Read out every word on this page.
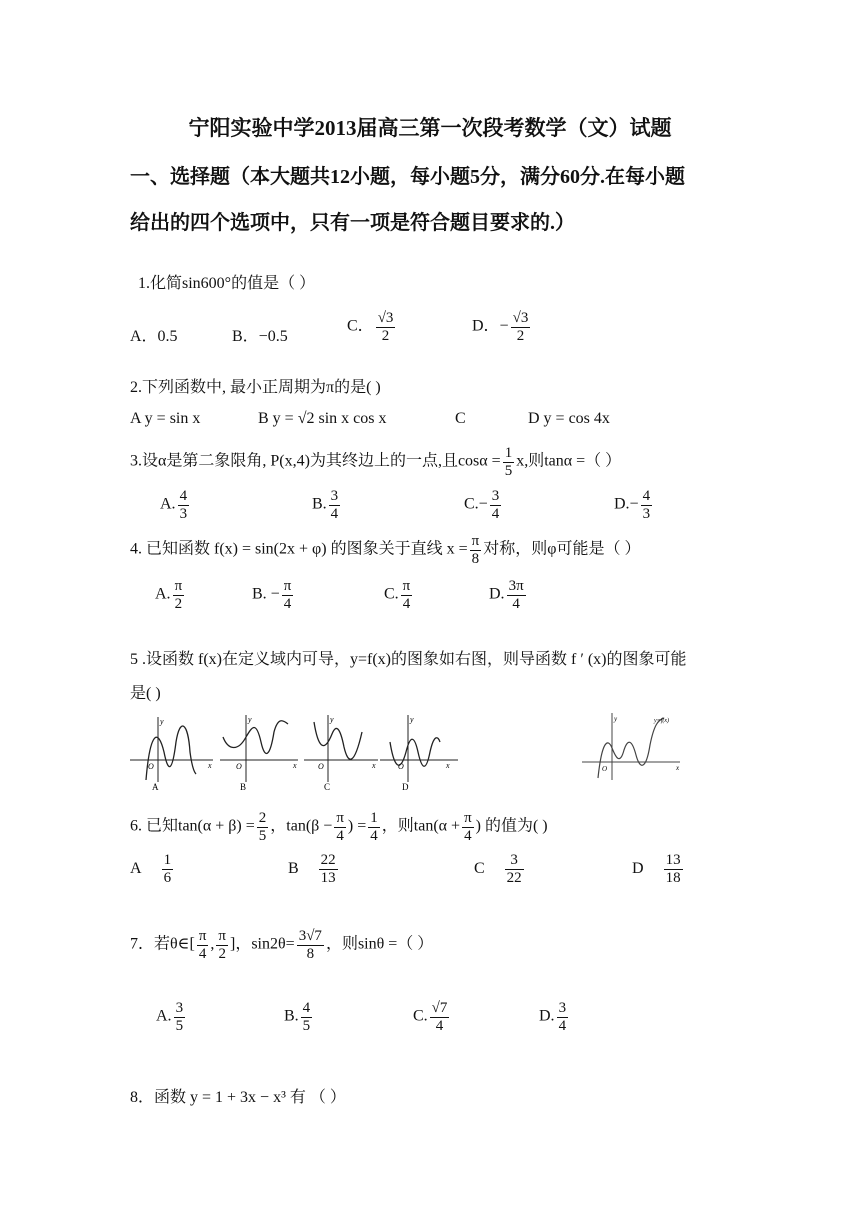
宁阳实验中学2013届高三第一次段考数学（文）试题
一、选择题（本大题共12小题，每小题5分，满分60分.在每小题
给出的四个选项中，只有一项是符合题目要求的.）
1.化简sin600°的值是（ ）
A．0.5	B．−0.5
C． $\frac{√3}{2}$	D．− $\frac{√3}{2}$
2.下列函数中, 最小正周期为π的是( )
A y = sin x	B y = √2 sin x cos x	C	D y = cos 4x
3.设α是第二象限角, P(x,4)为其终边上的一点,且$\cos\alpha = \frac{1}{5} x$,则tanα =（ ）
A. $\frac{4}{3}$	B. $\frac{3}{4}$	$C.- \frac{3}{4}$	$D.- \frac{4}{3}$
4. 已知函数 f(x) = sin(2x + φ) 的图象关于直线 $x = \frac{\pi}{8}$ 对称，则φ可能是（ ）
A. $\frac{\pi}{2}$	B. − $\frac{\pi}{4}$	C. $\frac{\pi}{4}$	D. $\frac{3\pi}{4}$
5 .设函数 f(x)在定义域内可导，y=f(x)的图象如右图，则导函数 f ′ (x)的图象可能
是( )
y
O	x
A
y
O	x
B
y
O	x
C
y
O	x
D
y
O	x
y=f(x)
6. 已知$\tan(\alpha + \beta) = \frac{2}{5}$ ，$\tan(\beta - \frac{\pi}{4}$ ) = $\frac{1}{4}$ ，则$\tan(\alpha + \frac{\pi}{4}$ ) 的值为( )
A $\frac{1}{6}$	B $\frac{22}{13}$	C $\frac{3}{22}$	D $\frac{13}{18}$
7．若θ∈[ $\frac{\pi}{4}$ , $\frac{\pi}{2}$ ]，$\sin 2\theta= \frac{3√7}{8}$ ，则sinθ =（ ）
A. $\frac{3}{5}$	B. $\frac{4}{5}$	C. $\frac{√7}{4}$	D. $\frac{3}{4}$
8．函数 y = 1 + 3x − x³ 有 （ ）
